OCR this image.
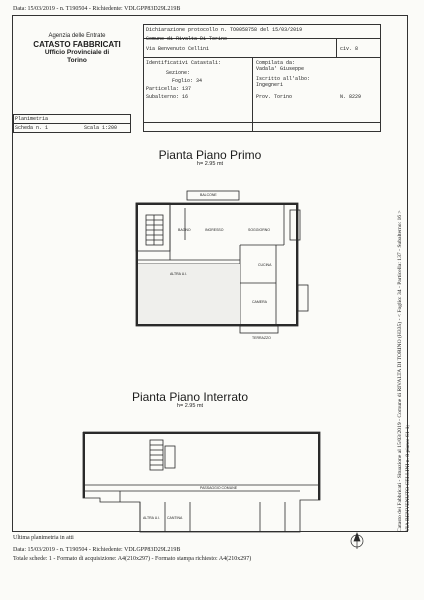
Data: 15/03/2019 - n. T190504 - Richiedente: VDLGPP83D29L219B
Agenzia delle Entrate
CATASTO FABBRICATI
Ufficio Provinciale di
Torino
Dichiarazione protocollo n. TO0058758 del 15/03/2019
Comune di Rivalta Di Torino
Via Benvenuto Cellini	civ. 8
Identificativi Catastali:
Sezione:
Foglio: 34
Particella: 137
Subalterno: 16
Compilata da:
Vadala' Giuseppe
Iscritto all'albo:
Ingegneri
Prov. Torino	N. 8229
Planimetria
Scheda n. 1	Scala 1:200
Pianta Piano Primo
h= 2.95 mt
BALCONE
INGRESSO
BAGNO
ALTRA U.I.
CUCINA
CAMERA
SOGGIORNO
TERRAZZO
Pianta Piano Interrato
h= 2.95 mt
PASSAGGIO COMUNE
ALTRA U.I. CANTINA
Ultima planimetria in atti
Data: 15/03/2019 - n. T190504 - Richiedente: VDLGPP83D29L219B
Totale schede: 1 - Formato di acquisizione: A4(210x297) - Formato stampa richiesto: A4(210x297)
Catasto dei Fabbricati - Situazione al 15/03/2019 - Comune di RIVALTA DI TORINO (H335) - < Foglio: 34 - Particella: 137 - Subalterno: 16 > VIA BENVENUTO CELLINI n. 8 piano: S1-1;
